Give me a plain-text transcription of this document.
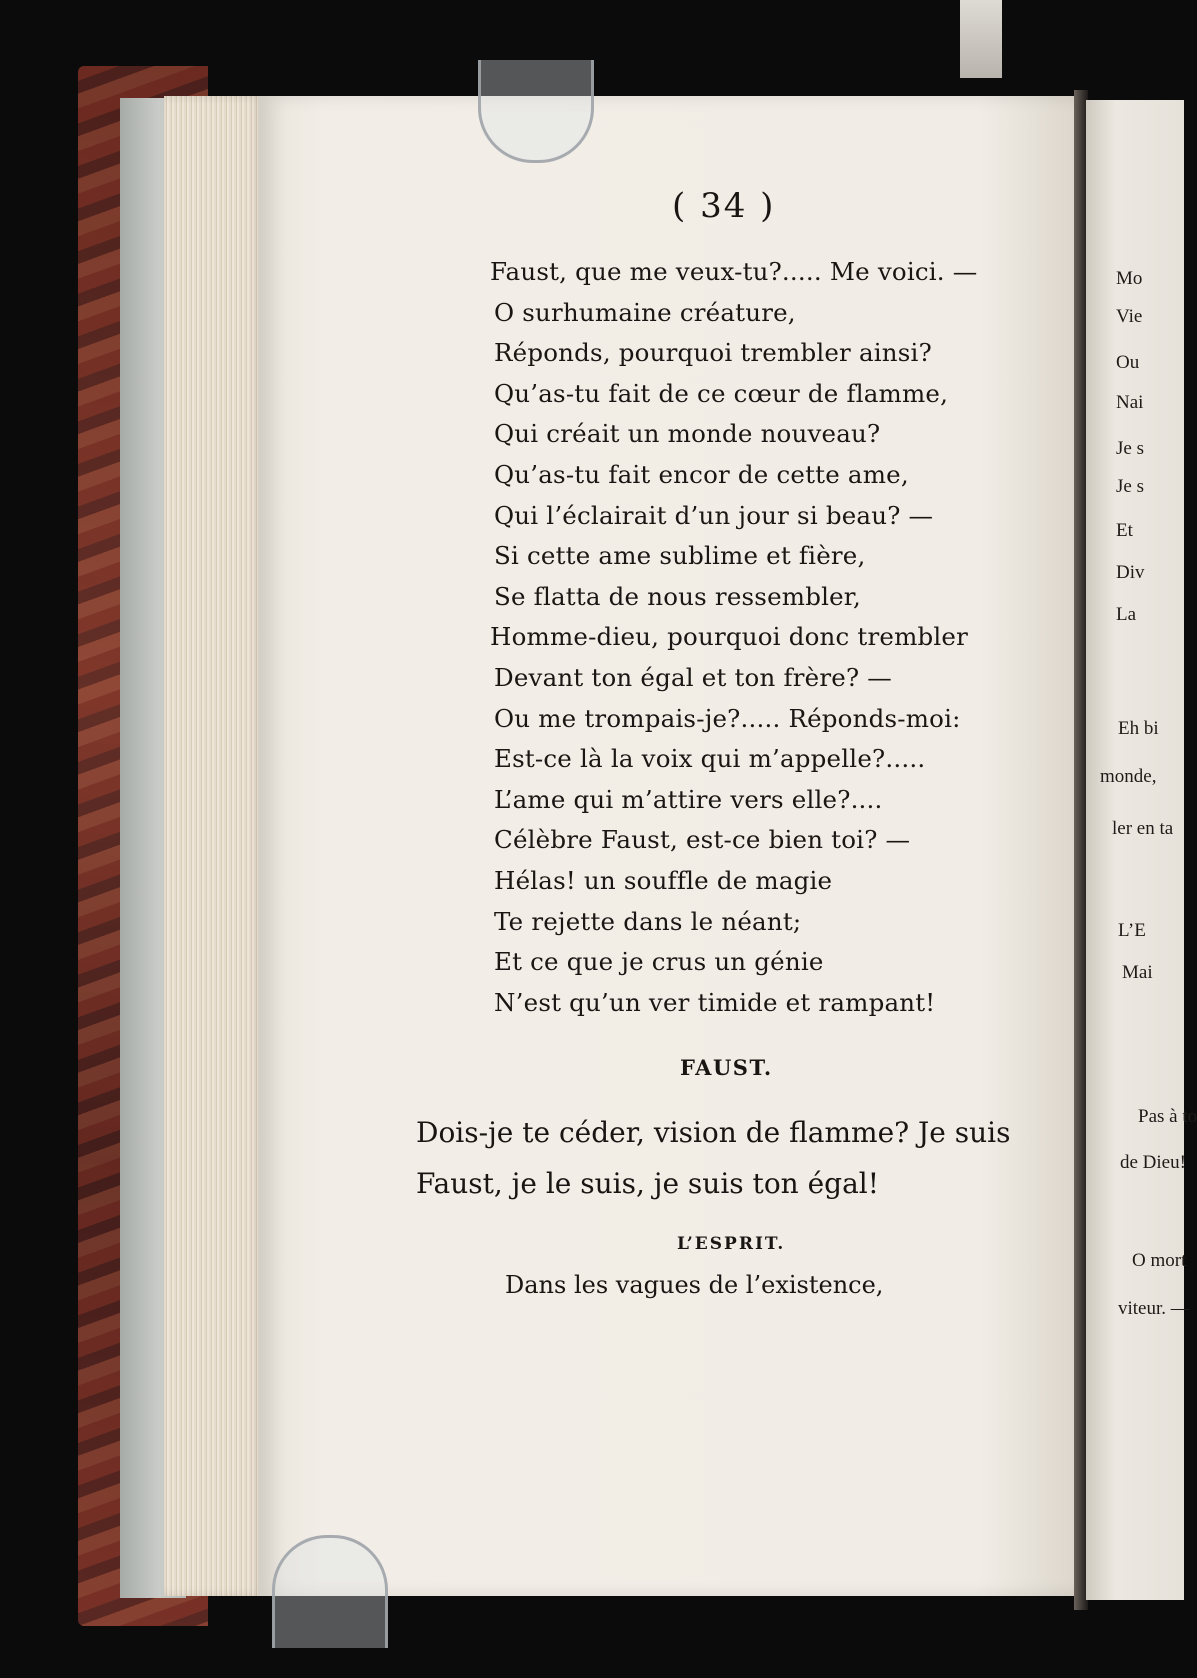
( 34 )
Faust, que me veux-tu?..... Me voici. —
O surhumaine créature,
Réponds, pourquoi trembler ainsi?
Qu’as-tu fait de ce cœur de flamme,
Qui créait un monde nouveau?
Qu’as-tu fait encor de cette ame,
Qui l’éclairait d’un jour si beau? —
Si cette ame sublime et fière,
Se flatta de nous ressembler,
Homme-dieu, pourquoi donc trembler
Devant ton égal et ton frère? —
Ou me trompais-je?..... Réponds-moi:
Est-ce là la voix qui m’appelle?.....
L’ame qui m’attire vers elle?....
Célèbre Faust, est-ce bien toi? —
Hélas! un souffle de magie
Te rejette dans le néant;
Et ce que je crus un génie
N’est qu’un ver timide et rampant!
FAUST.
Dois-je te céder, vision de flamme? Je suis Faust, je le suis, je suis ton égal!
L’ESPRIT.
Dans les vagues de l’existence,
Mo
Vie
Ou
Nai
Je s
Je s
Et
Div
La
Eh bi
monde,
ler en ta
L’E
Mai
Pas à to
de Dieu!
O mort
viteur. —
